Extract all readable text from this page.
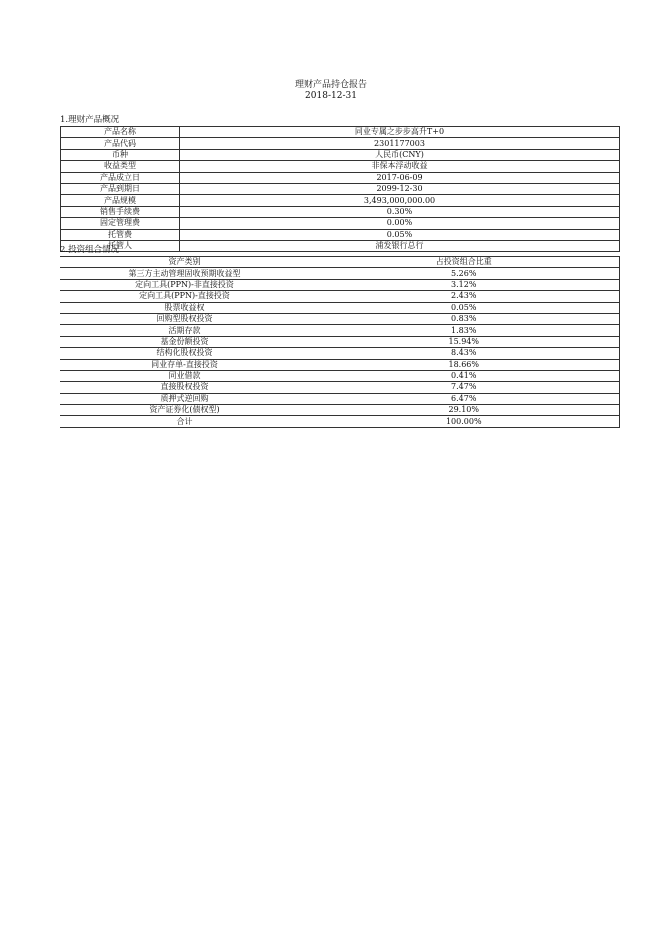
理财产品持仓报告
2018-12-31
1.理财产品概况
产品名称	同业专属之步步高升T+0
产品代码	2301177003
币种	人民币(CNY)
收益类型	非保本浮动收益
产品成立日	2017-06-09
产品到期日	2099-12-30
产品规模	3,493,000,000.00
销售手续费	0.30%
固定管理费	0.00%
托管费	0.05%
托管人	浦发银行总行
2.投资组合情况
资产类别	占投资组合比重
第三方主动管理固收预期收益型	5.26%
定向工具(PPN)-非直接投资	3.12%
定向工具(PPN)-直接投资	2.43%
股票收益权	0.05%
回购型股权投资	0.83%
活期存款	1.83%
基金份额投资	15.94%
结构化股权投资	8.43%
同业存单-直接投资	18.66%
同业借款	0.41%
直接股权投资	7.47%
质押式逆回购	6.47%
资产证券化(债权型)	29.10%
合计	100.00%
